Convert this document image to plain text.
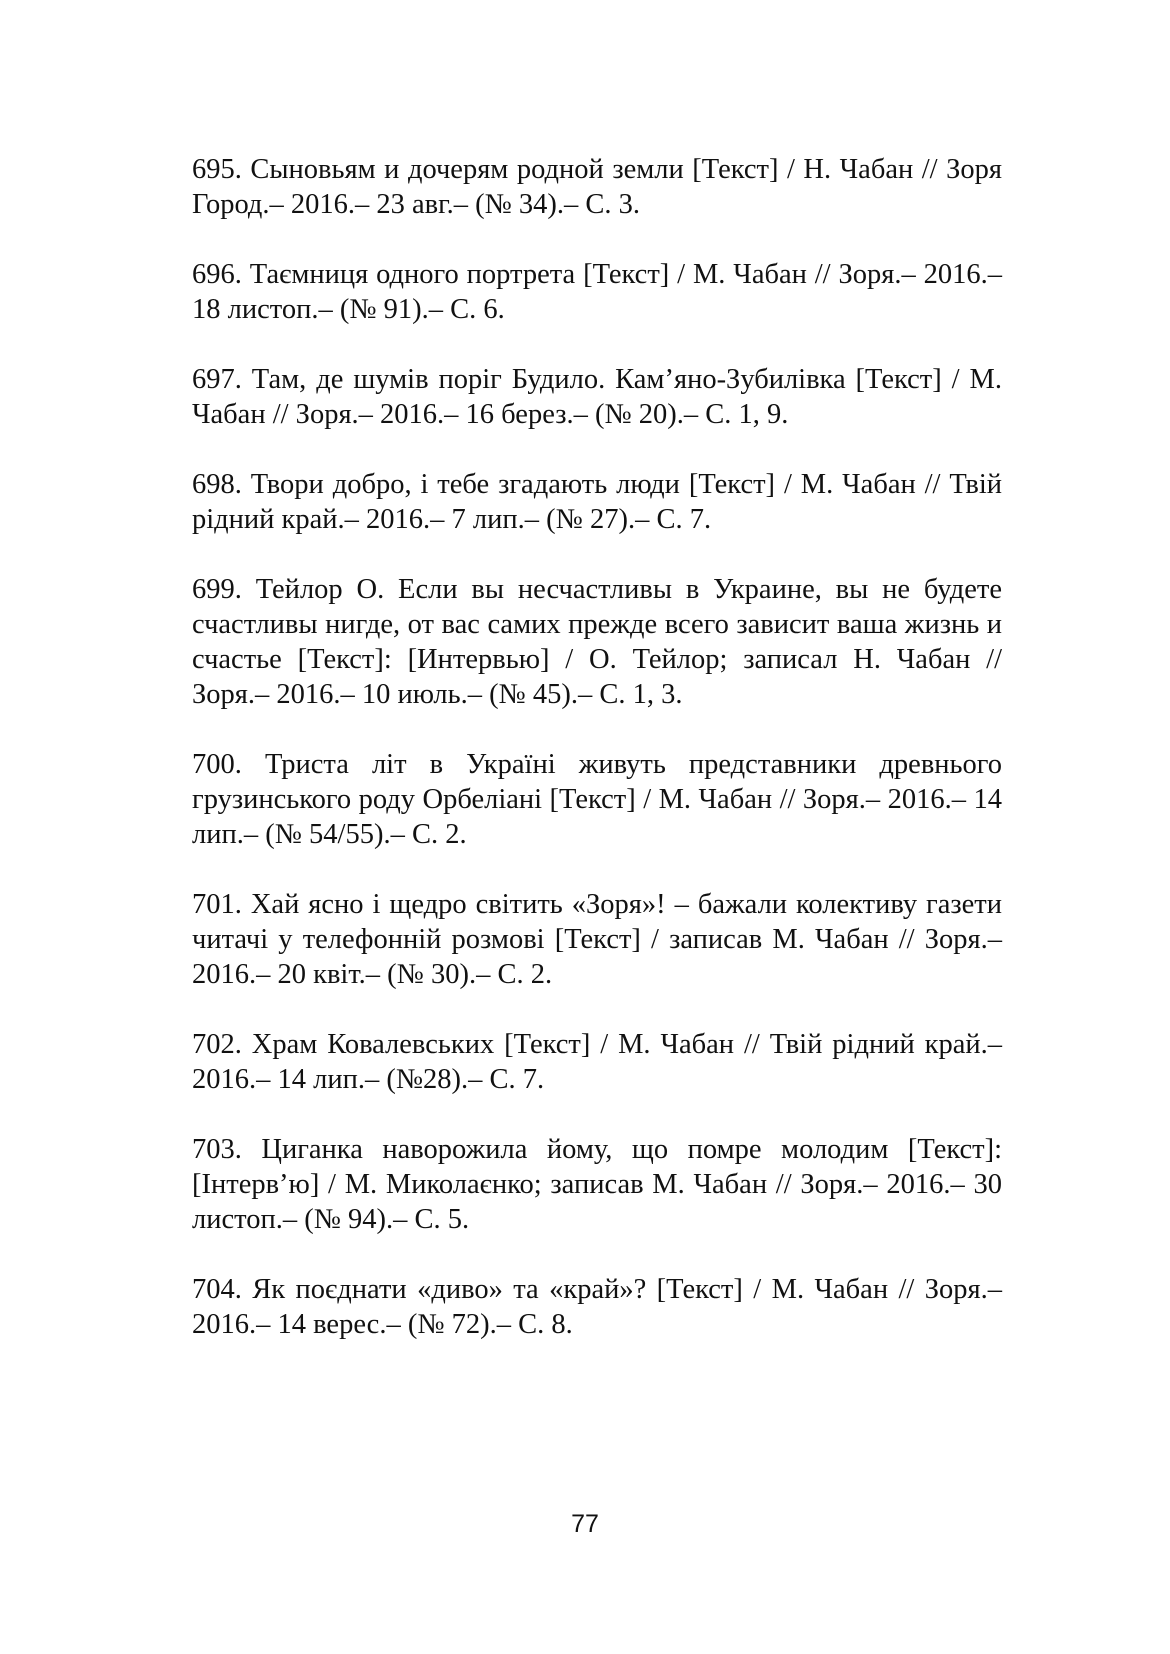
695. Сыновьям и дочерям родной земли [Текст] / Н. Чабан // Зоря Город.– 2016.– 23 авг.– (№ 34).– С. 3.

696. Таємниця одного портрета [Текст] / М. Чабан // Зоря.– 2016.– 18 листоп.– (№ 91).– С. 6.

697. Там, де шумів поріг Будило. Кам’яно-Зубилівка [Текст] / М. Чабан // Зоря.– 2016.– 16 берез.– (№ 20).– С. 1, 9.

698. Твори добро, і тебе згадають люди [Текст] / М. Чабан // Твій рідний край.– 2016.– 7 лип.– (№ 27).– С. 7.

699. Тейлор О. Если вы несчастливы в Украине, вы не будете счастливы нигде, от вас самих прежде всего зависит ваша жизнь и счастье [Текст]: [Интервью] / О. Тейлор; записал Н. Чабан // Зоря.– 2016.– 10 июль.– (№ 45).– С. 1, 3.

700. Триста літ в Україні живуть представники древнього грузинського роду Орбеліані [Текст] / М. Чабан // Зоря.– 2016.– 14 лип.– (№ 54/55).– С. 2.

701. Хай ясно і щедро світить «Зоря»! – бажали колективу газети читачі у телефонній розмові [Текст] / записав М. Чабан // Зоря.– 2016.– 20 квіт.– (№ 30).– С. 2.

702. Храм Ковалевських [Текст] / М. Чабан // Твій рідний край.– 2016.– 14 лип.– (№28).– С. 7.

703. Циганка наворожила йому, що помре молодим [Текст]: [Інтерв’ю] / М. Миколаєнко; записав М. Чабан // Зоря.– 2016.– 30 листоп.– (№ 94).– С. 5.

704. Як поєднати «диво» та «край»? [Текст] / М. Чабан // Зоря.– 2016.– 14 верес.– (№ 72).– С. 8.

77
